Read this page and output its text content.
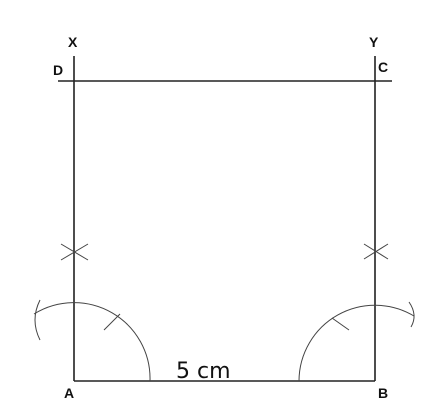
X	Y
D	C
A	B
5 cm
